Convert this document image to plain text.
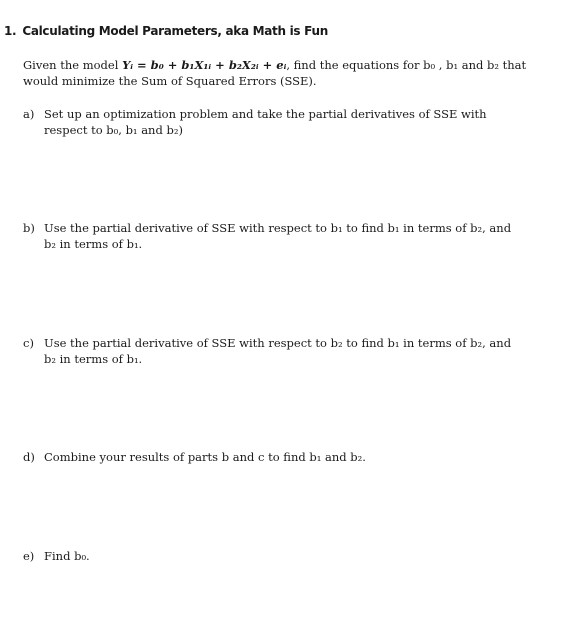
1. Calculating Model Parameters, aka Math is Fun
Given the model Yᵢ = b₀ + b₁X₁ᵢ + b₂X₂ᵢ + eᵢ, find the equations for b₀ , b₁ and b₂ that would minimize the Sum of Squared Errors (SSE).
a) Set up an optimization problem and take the partial derivatives of SSE with respect to b₀, b₁ and b₂)
b) Use the partial derivative of SSE with respect to b₁ to find b₁ in terms of b₂, and b₂ in terms of b₁.
c) Use the partial derivative of SSE with respect to b₂ to find b₁ in terms of b₂, and b₂ in terms of b₁.
d) Combine your results of parts b and c to find b₁ and b₂.
e) Find b₀.
